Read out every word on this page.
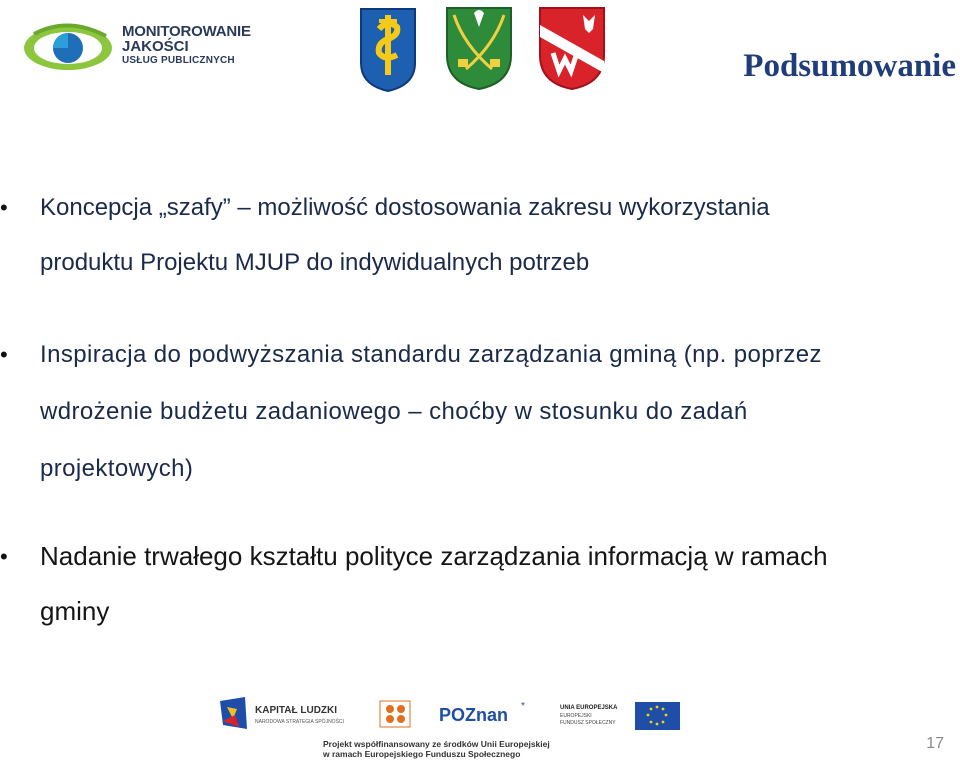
MONITOROWANIE
JAKOŚCI
USŁUG PUBLICZNYCH	Podsumowanie
• Koncepcja „szafy” – możliwość dostosowania zakresu wykorzystania
produktu Projektu MJUP do indywidualnych potrzeb
• Inspiracja do podwyższania standardu zarządzania gminą (np. poprzez
wdrożenie budżetu zadaniowego – choćby w stosunku do zadań
projektowych)
• Nadanie trwałego kształtu polityce zarządzania informacją w ramach
gminy
KAPITAŁ LUDZKI
NARODOWA STRATEGIA SPÓJNOŚCI	POZnan *	UNIA EUROPEJSKA
EUROPEJSKI
FUNDUSZ SPOŁECZNY
Projekt współfinansowany ze środków Unii Europejskiej
w ramach Europejskiego Funduszu Społecznego
17
